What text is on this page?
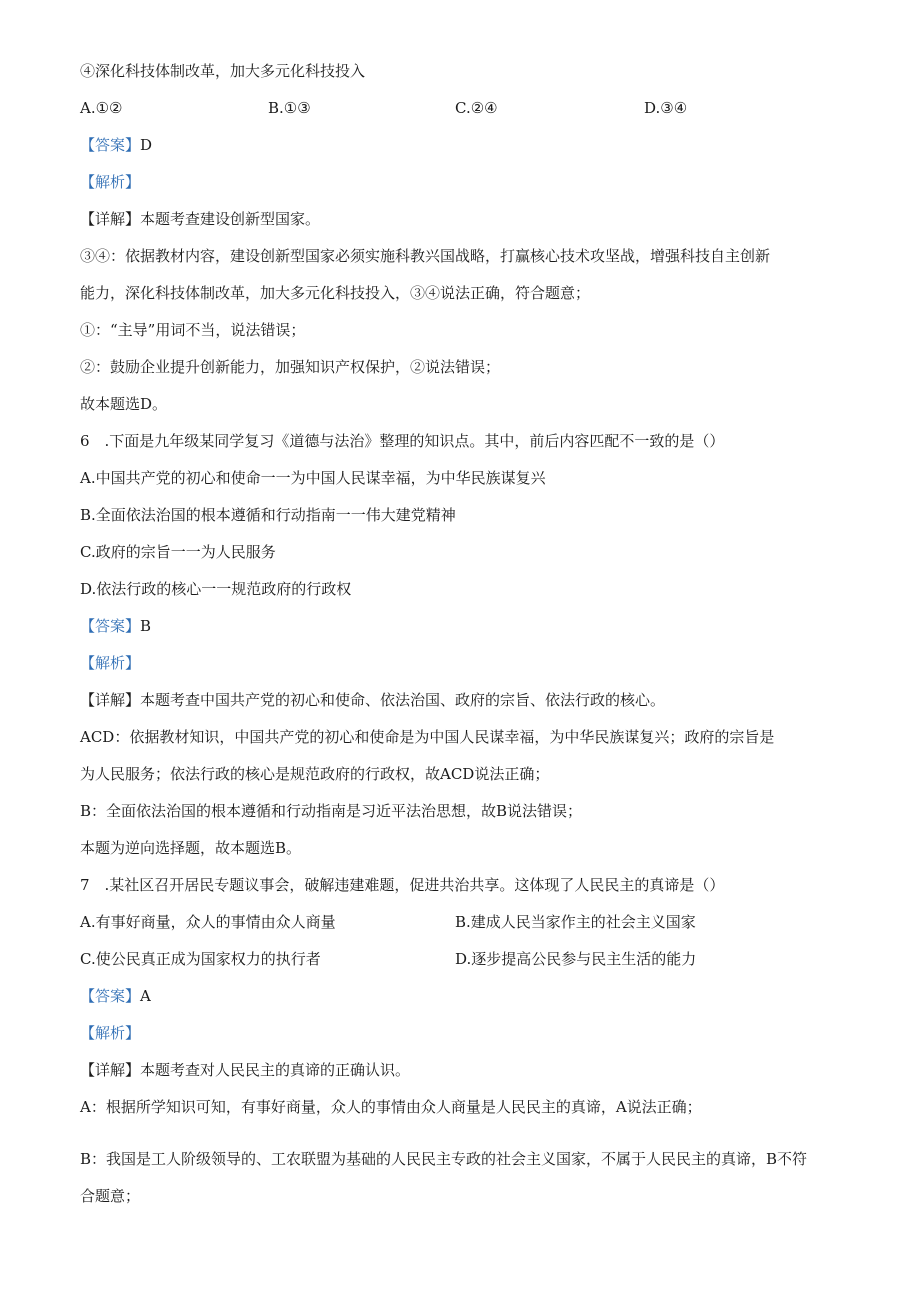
④深化科技体制改革，加大多元化科技投入
A.①②	B.①③	C.②④	D.③④
【答案】D
【解析】
【详解】本题考查建设创新型国家。
③④：依据教材内容，建设创新型国家必须实施科教兴国战略，打赢核心技术攻坚战，增强科技自主创新
能力，深化科技体制改革，加大多元化科技投入，③④说法正确，符合题意；
①：“主导”用词不当，说法错误；
②：鼓励企业提升创新能力，加强知识产权保护，②说法错误；
故本题选D。
6　.下面是九年级某同学复习《道德与法治》整理的知识点。其中，前后内容匹配不一致的是（）
A.中国共产党的初心和使命一一为中国人民谋幸福，为中华民族谋复兴
B.全面依法治国的根本遵循和行动指南一一伟大建党精神
C.政府的宗旨一一为人民服务
D.依法行政的核心一一规范政府的行政权
【答案】B
【解析】
【详解】本题考查中国共产党的初心和使命、依法治国、政府的宗旨、依法行政的核心。
ACD：依据教材知识，中国共产党的初心和使命是为中国人民谋幸福，为中华民族谋复兴；政府的宗旨是
为人民服务；依法行政的核心是规范政府的行政权，故ACD说法正确；
B：全面依法治国的根本遵循和行动指南是习近平法治思想，故B说法错误；
本题为逆向选择题，故本题选B。
7　.某社区召开居民专题议事会，破解违建难题，促进共治共享。这体现了人民民主的真谛是（）
A.有事好商量，众人的事情由众人商量	B.建成人民当家作主的社会主义国家
C.使公民真正成为国家权力的执行者	D.逐步提高公民参与民主生活的能力
【答案】A
【解析】
【详解】本题考查对人民民主的真谛的正确认识。
A：根据所学知识可知，有事好商量，众人的事情由众人商量是人民民主的真谛，A说法正确；
B：我国是工人阶级领导的、工农联盟为基础的人民民主专政的社会主义国家，不属于人民民主的真谛，B不符
合题意；
